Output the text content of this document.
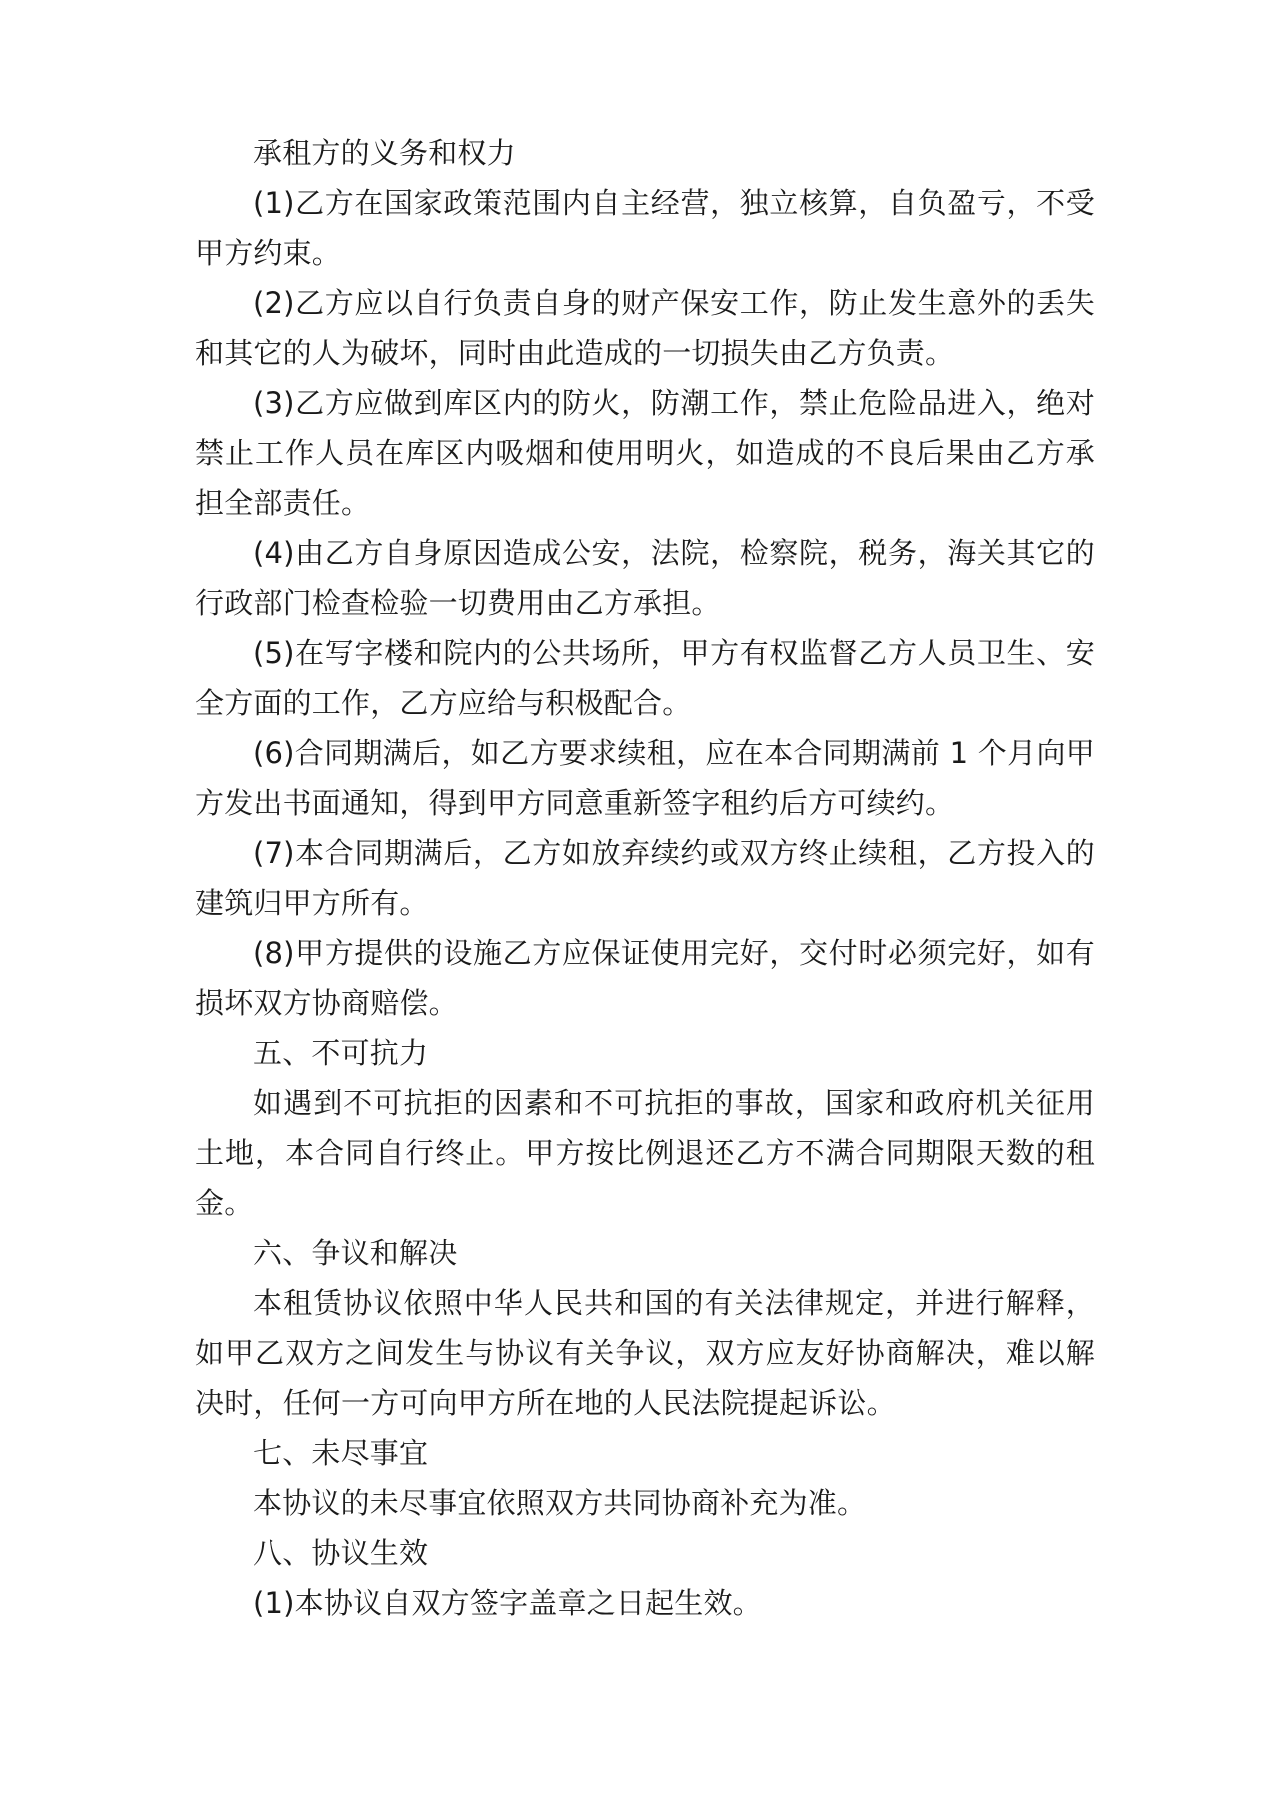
承租方的义务和权力

(1)乙方在国家政策范围内自主经营，独立核算，自负盈亏，不受甲方约束。

(2)乙方应以自行负责自身的财产保安工作，防止发生意外的丢失和其它的人为破坏，同时由此造成的一切损失由乙方负责。

(3)乙方应做到库区内的防火，防潮工作，禁止危险品进入，绝对禁止工作人员在库区内吸烟和使用明火，如造成的不良后果由乙方承担全部责任。

(4)由乙方自身原因造成公安，法院，检察院，税务，海关其它的行政部门检查检验一切费用由乙方承担。

(5)在写字楼和院内的公共场所，甲方有权监督乙方人员卫生、安全方面的工作，乙方应给与积极配合。

(6)合同期满后，如乙方要求续租，应在本合同期满前 1 个月向甲方发出书面通知，得到甲方同意重新签字租约后方可续约。

(7)本合同期满后，乙方如放弃续约或双方终止续租，乙方投入的建筑归甲方所有。

(8)甲方提供的设施乙方应保证使用完好，交付时必须完好，如有损坏双方协商赔偿。

五、不可抗力

如遇到不可抗拒的因素和不可抗拒的事故，国家和政府机关征用土地，本合同自行终止。甲方按比例退还乙方不满合同期限天数的租金。

六、争议和解决

本租赁协议依照中华人民共和国的有关法律规定，并进行解释，如甲乙双方之间发生与协议有关争议，双方应友好协商解决，难以解决时，任何一方可向甲方所在地的人民法院提起诉讼。

七、未尽事宜

本协议的未尽事宜依照双方共同协商补充为准。

八、协议生效

(1)本协议自双方签字盖章之日起生效。
